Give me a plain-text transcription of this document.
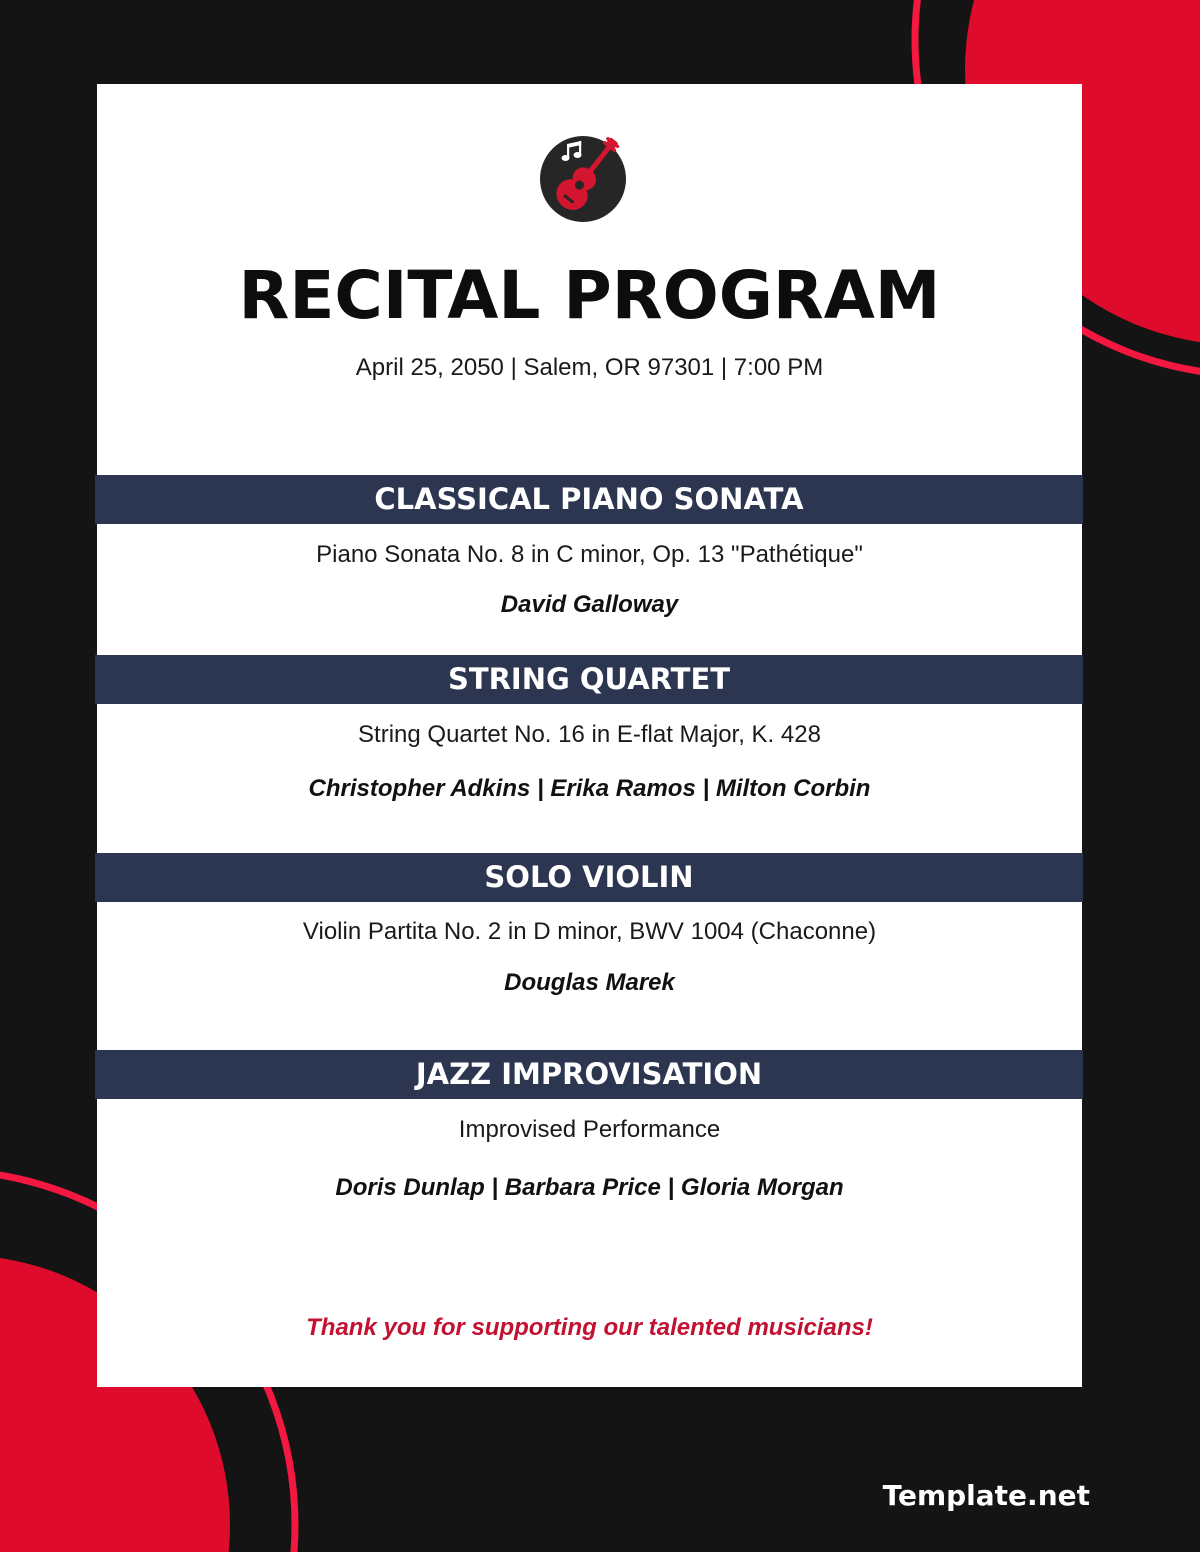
RECITAL PROGRAM
April 25, 2050 | Salem, OR 97301 | 7:00 PM
CLASSICAL PIANO SONATA
Piano Sonata No. 8 in C minor, Op. 13 "Pathétique"
David Galloway
STRING QUARTET
String Quartet No. 16 in E-flat Major, K. 428
Christopher Adkins | Erika Ramos | Milton Corbin
SOLO VIOLIN
Violin Partita No. 2 in D minor, BWV 1004 (Chaconne)
Douglas Marek
JAZZ IMPROVISATION
Improvised Performance
Doris Dunlap | Barbara Price | Gloria Morgan
Thank you for supporting our talented musicians!
Template.net
